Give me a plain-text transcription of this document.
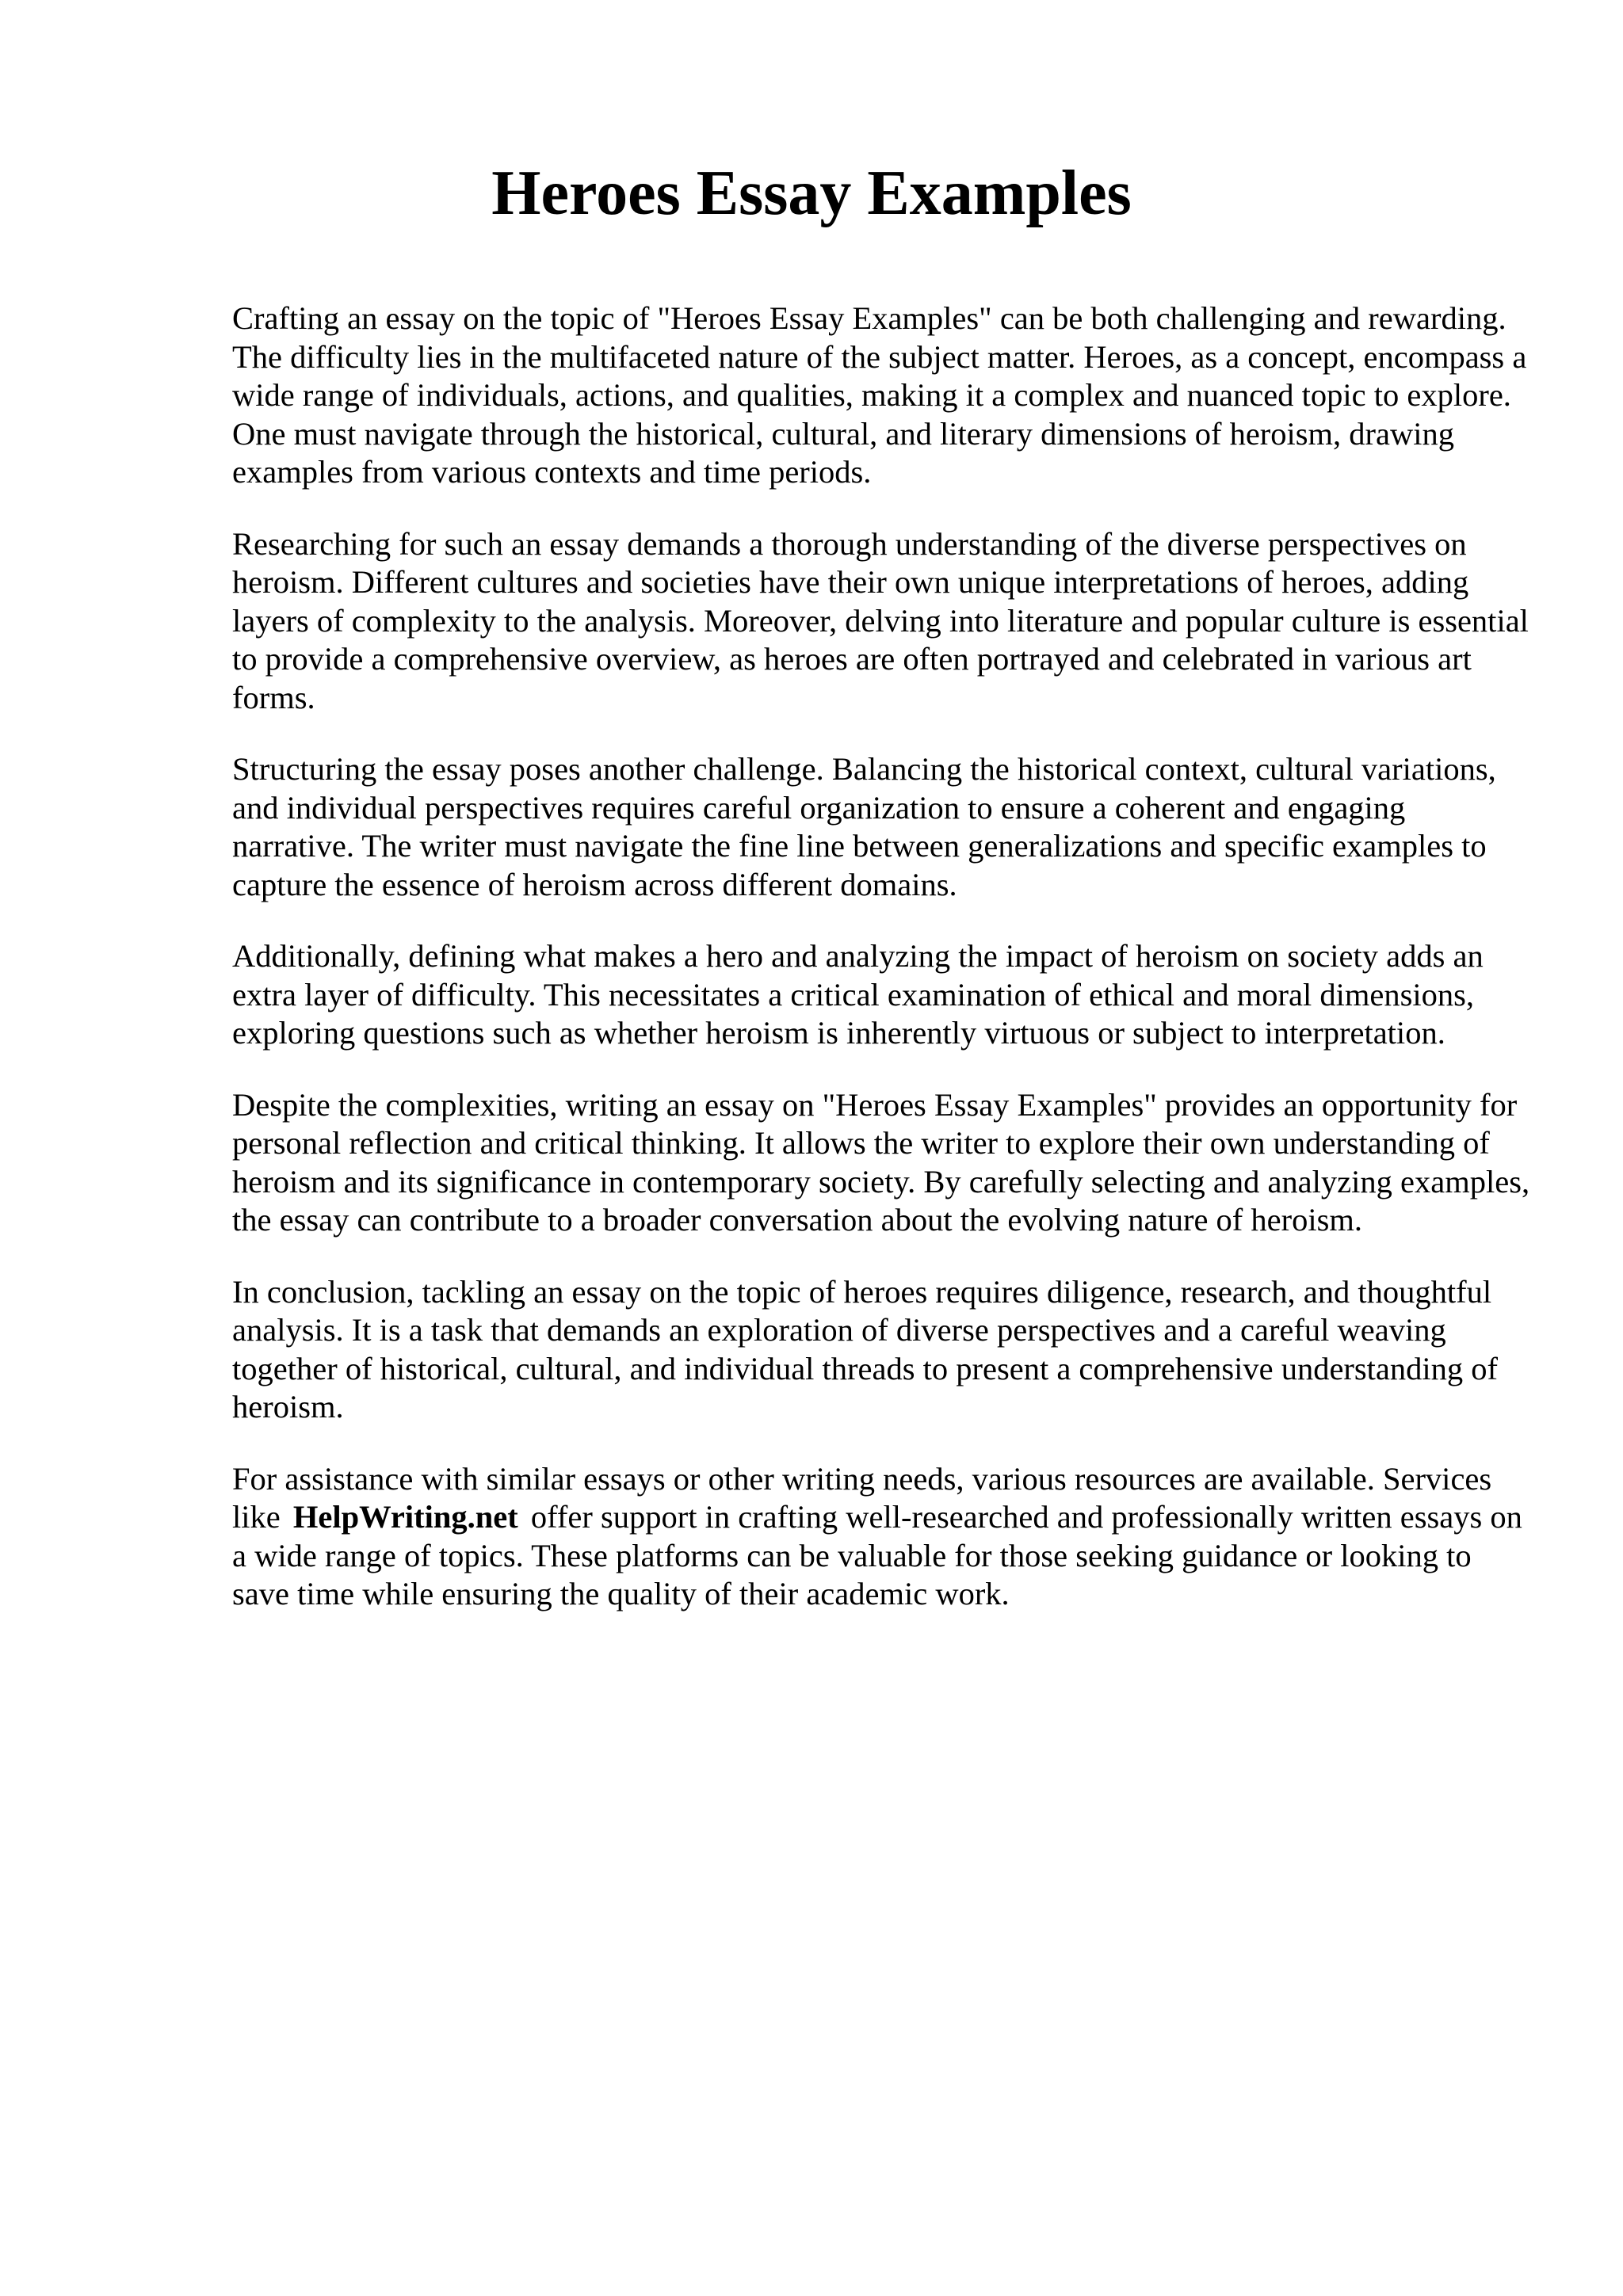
Heroes Essay Examples

Crafting an essay on the topic of "Heroes Essay Examples" can be both challenging and rewarding. The difficulty lies in the multifaceted nature of the subject matter. Heroes, as a concept, encompass a wide range of individuals, actions, and qualities, making it a complex and nuanced topic to explore. One must navigate through the historical, cultural, and literary dimensions of heroism, drawing examples from various contexts and time periods.

Researching for such an essay demands a thorough understanding of the diverse perspectives on heroism. Different cultures and societies have their own unique interpretations of heroes, adding layers of complexity to the analysis. Moreover, delving into literature and popular culture is essential to provide a comprehensive overview, as heroes are often portrayed and celebrated in various art forms.

Structuring the essay poses another challenge. Balancing the historical context, cultural variations, and individual perspectives requires careful organization to ensure a coherent and engaging narrative. The writer must navigate the fine line between generalizations and specific examples to capture the essence of heroism across different domains.

Additionally, defining what makes a hero and analyzing the impact of heroism on society adds an extra layer of difficulty. This necessitates a critical examination of ethical and moral dimensions, exploring questions such as whether heroism is inherently virtuous or subject to interpretation.

Despite the complexities, writing an essay on "Heroes Essay Examples" provides an opportunity for personal reflection and critical thinking. It allows the writer to explore their own understanding of heroism and its significance in contemporary society. By carefully selecting and analyzing examples, the essay can contribute to a broader conversation about the evolving nature of heroism.

In conclusion, tackling an essay on the topic of heroes requires diligence, research, and thoughtful analysis. It is a task that demands an exploration of diverse perspectives and a careful weaving together of historical, cultural, and individual threads to present a comprehensive understanding of heroism.

For assistance with similar essays or other writing needs, various resources are available. Services like HelpWriting.net offer support in crafting well-researched and professionally written essays on a wide range of topics. These platforms can be valuable for those seeking guidance or looking to save time while ensuring the quality of their academic work.
